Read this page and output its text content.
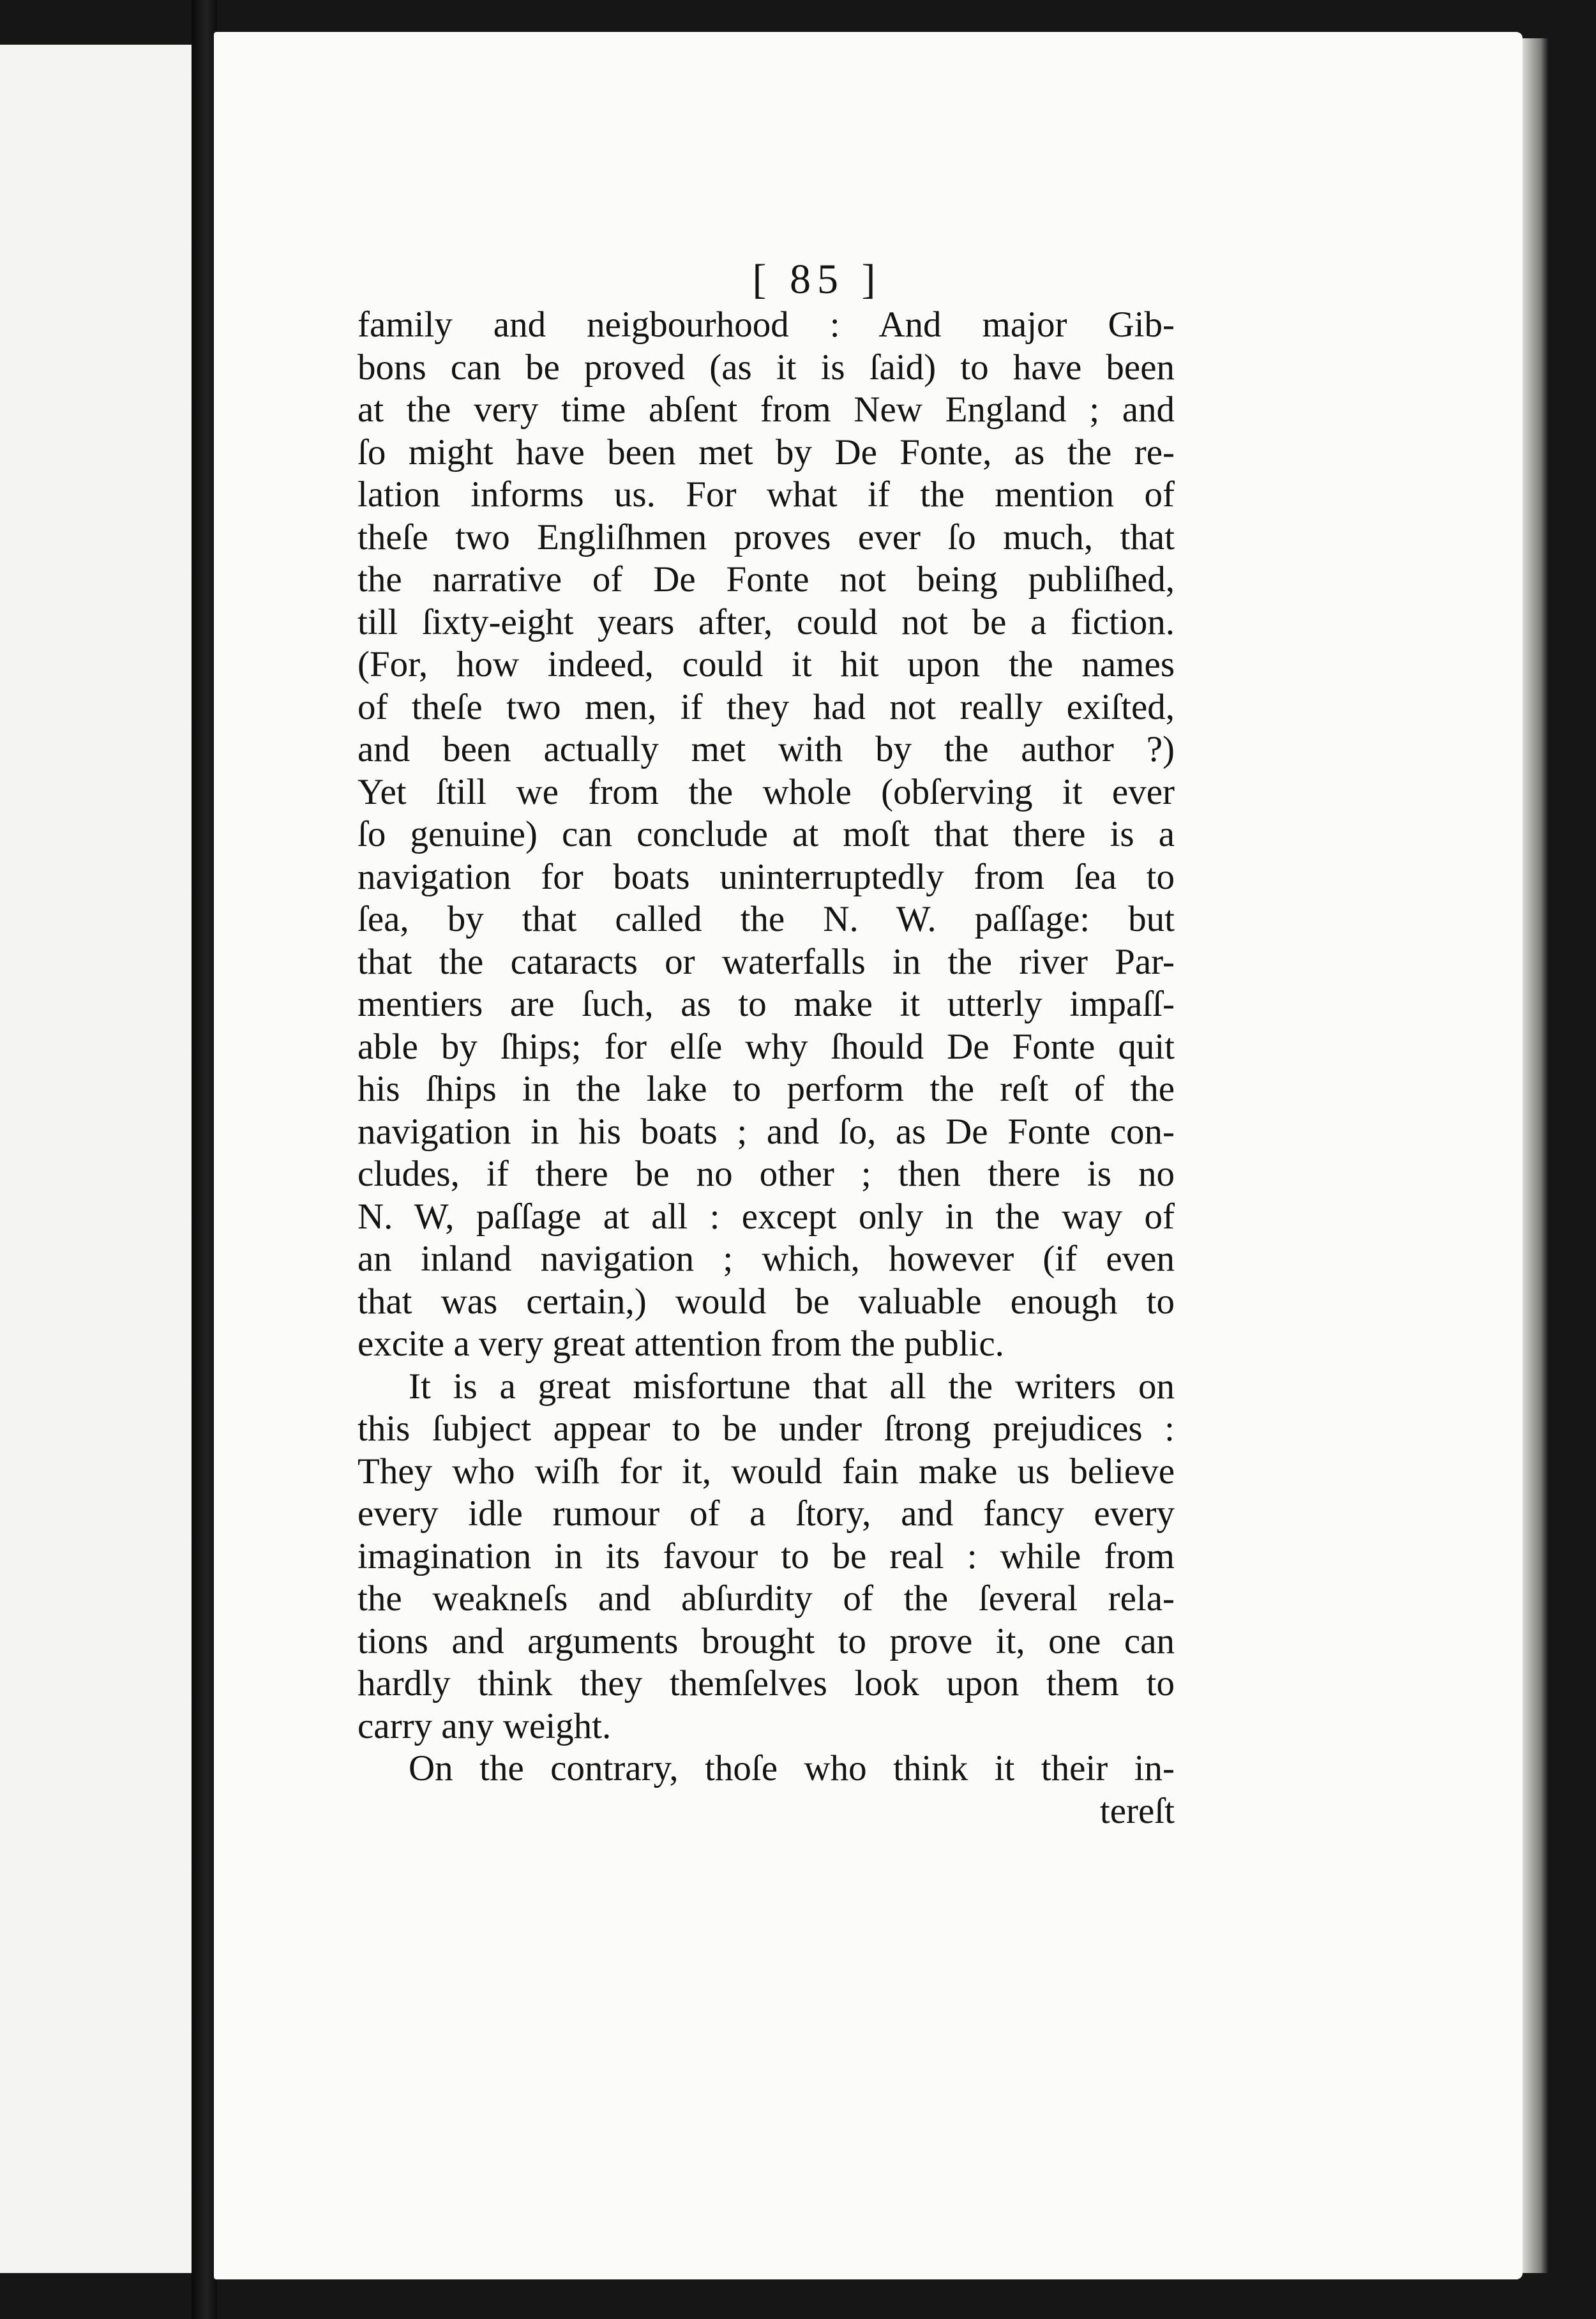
[ 85 ]
family and neigbourhood : And major Gib-
bons can be proved (as it is ſaid) to have been
at the very time abſent from New England ; and
ſo might have been met by De Fonte, as the re-
lation informs us. For what if the mention of
theſe two Engliſhmen proves ever ſo much, that
the narrative of De Fonte not being publiſhed,
till ſixty-eight years after, could not be a fiction.
(For, how indeed, could it hit upon the names
of theſe two men, if they had not really exiſted,
and been actually met with by the author ?)
Yet ſtill we from the whole (obſerving it ever
ſo genuine) can conclude at moſt that there is a
navigation for boats uninterruptedly from ſea to
ſea, by that called the N. W. paſſage: but
that the cataracts or waterfalls in the river Par-
mentiers are ſuch, as to make it utterly impaſſ-
able by ſhips; for elſe why ſhould De Fonte quit
his ſhips in the lake to perform the reſt of the
navigation in his boats ; and ſo, as De Fonte con-
cludes, if there be no other ; then there is no
N. W, paſſage at all : except only in the way of
an inland navigation ; which, however (if even
that was certain,) would be valuable enough to
excite a very great attention from the public.
It is a great misfortune that all the writers on
this ſubject appear to be under ſtrong prejudices :
They who wiſh for it, would fain make us believe
every idle rumour of a ſtory, and fancy every
imagination in its favour to be real : while from
the weakneſs and abſurdity of the ſeveral rela-
tions and arguments brought to prove it, one can
hardly think they themſelves look upon them to
carry any weight.
On the contrary, thoſe who think it their in-
tereſt
